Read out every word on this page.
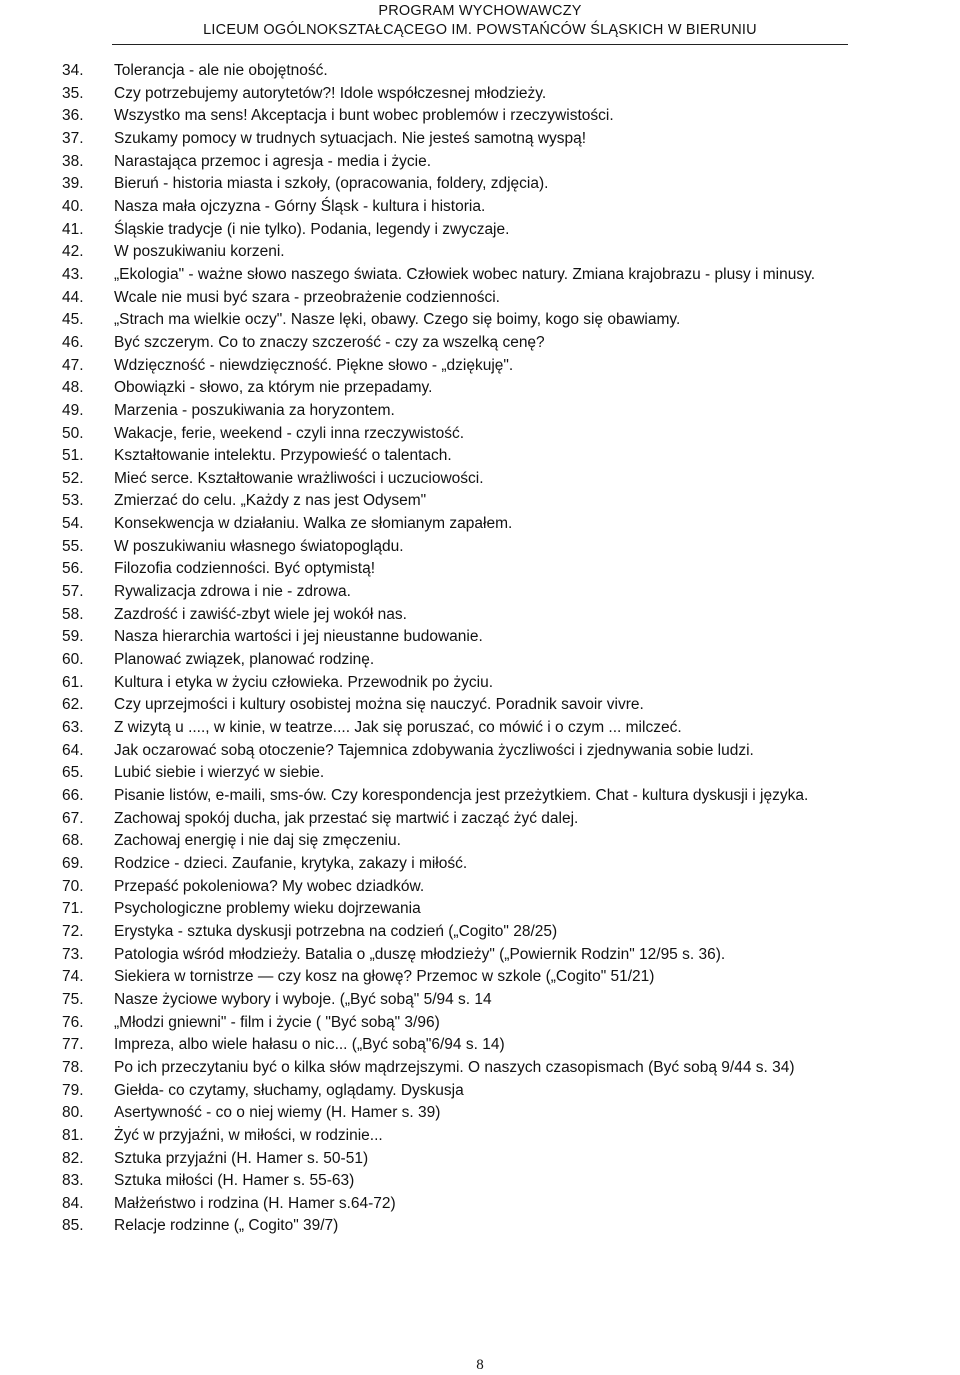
PROGRAM WYCHOWAWCZY
LICEUM OGÓLNOKSZTAŁCĄCEGO IM. POWSTAŃCÓW ŚLĄSKICH W BIERUNIU
34.	Tolerancja - ale nie obojętność.
35.	Czy potrzebujemy autorytetów?! Idole współczesnej młodzieży.
36.	Wszystko ma sens! Akceptacja i bunt wobec problemów i rzeczywistości.
37.	Szukamy pomocy w trudnych sytuacjach. Nie jesteś samotną wyspą!
38.	Narastająca przemoc i agresja - media i życie.
39.	Bieruń - historia miasta i szkoły, (opracowania, foldery, zdjęcia).
40.	Nasza mała ojczyzna - Górny Śląsk - kultura i historia.
41.	Śląskie tradycje (i nie tylko). Podania, legendy i zwyczaje.
42.	W poszukiwaniu korzeni.
43.	„Ekologia" - ważne słowo naszego świata. Człowiek wobec natury. Zmiana krajobrazu - plusy i minusy.
44.	Wcale nie musi być szara - przeobrażenie codzienności.
45.	„Strach ma wielkie oczy". Nasze lęki, obawy. Czego się boimy, kogo się obawiamy.
46.	Być szczerym. Co to znaczy szczerość - czy za wszelką cenę?
47.	Wdzięczność - niewdzięczność. Piękne słowo - „dziękuję".
48.	Obowiązki - słowo, za którym nie przepadamy.
49.	Marzenia - poszukiwania za horyzontem.
50.	Wakacje, ferie, weekend - czyli inna rzeczywistość.
51.	Kształtowanie intelektu. Przypowieść o talentach.
52.	Mieć serce. Kształtowanie wrażliwości i uczuciowości.
53.	Zmierzać do celu. „Każdy z nas jest Odysem"
54.	Konsekwencja w działaniu. Walka ze słomianym zapałem.
55.	W poszukiwaniu własnego światopoglądu.
56.	Filozofia codzienności. Być optymistą!
57.	Rywalizacja zdrowa i nie - zdrowa.
58.	Zazdrość i zawiść-zbyt wiele jej wokół nas.
59.	Nasza hierarchia wartości i jej nieustanne budowanie.
60.	Planować związek, planować rodzinę.
61.	Kultura i etyka w życiu człowieka. Przewodnik po życiu.
62.	Czy uprzejmości i kultury osobistej można się nauczyć. Poradnik savoir vivre.
63.	Z wizytą u ...., w kinie, w teatrze.... Jak się poruszać, co mówić i o czym ... milczeć.
64.	Jak oczarować sobą otoczenie? Tajemnica zdobywania życzliwości i zjednywania sobie ludzi.
65.	Lubić siebie i wierzyć w siebie.
66.	Pisanie listów, e-maili, sms-ów. Czy korespondencja jest przeżytkiem. Chat - kultura dyskusji i języka.
67.	Zachowaj spokój ducha, jak przestać się martwić i zacząć żyć dalej.
68.	Zachowaj energię i nie daj się zmęczeniu.
69.	Rodzice - dzieci. Zaufanie, krytyka, zakazy i miłość.
70.	Przepaść pokoleniowa? My wobec dziadków.
71.	Psychologiczne problemy wieku dojrzewania
72.	Erystyka - sztuka dyskusji potrzebna na codzień („Cogito" 28/25)
73.	Patologia wśród młodzieży. Batalia o „duszę młodzieży" („Powiernik Rodzin" 12/95 s. 36).
74.	Siekiera w tornistrze — czy kosz na głowę? Przemoc w szkole („Cogito" 51/21)
75.	Nasze życiowe wybory i wyboje. („Być sobą" 5/94 s. 14
76.	„Młodzi gniewni" - film i życie ( "Być sobą" 3/96)
77.	Impreza, albo wiele hałasu o nic... („Być sobą"6/94 s. 14)
78.	Po ich przeczytaniu być o kilka słów mądrzejszymi. O naszych czasopismach (Być sobą 9/44 s. 34)
79.	Giełda- co czytamy, słuchamy, oglądamy. Dyskusja
80.	Asertywność - co o niej wiemy (H. Hamer s. 39)
81.	Żyć w przyjaźni, w miłości, w rodzinie...
82.	Sztuka przyjaźni (H. Hamer s. 50-51)
83.	Sztuka miłości (H. Hamer s. 55-63)
84.	Małżeństwo i rodzina (H. Hamer s.64-72)
85.	Relacje rodzinne („ Cogito" 39/7)
8
